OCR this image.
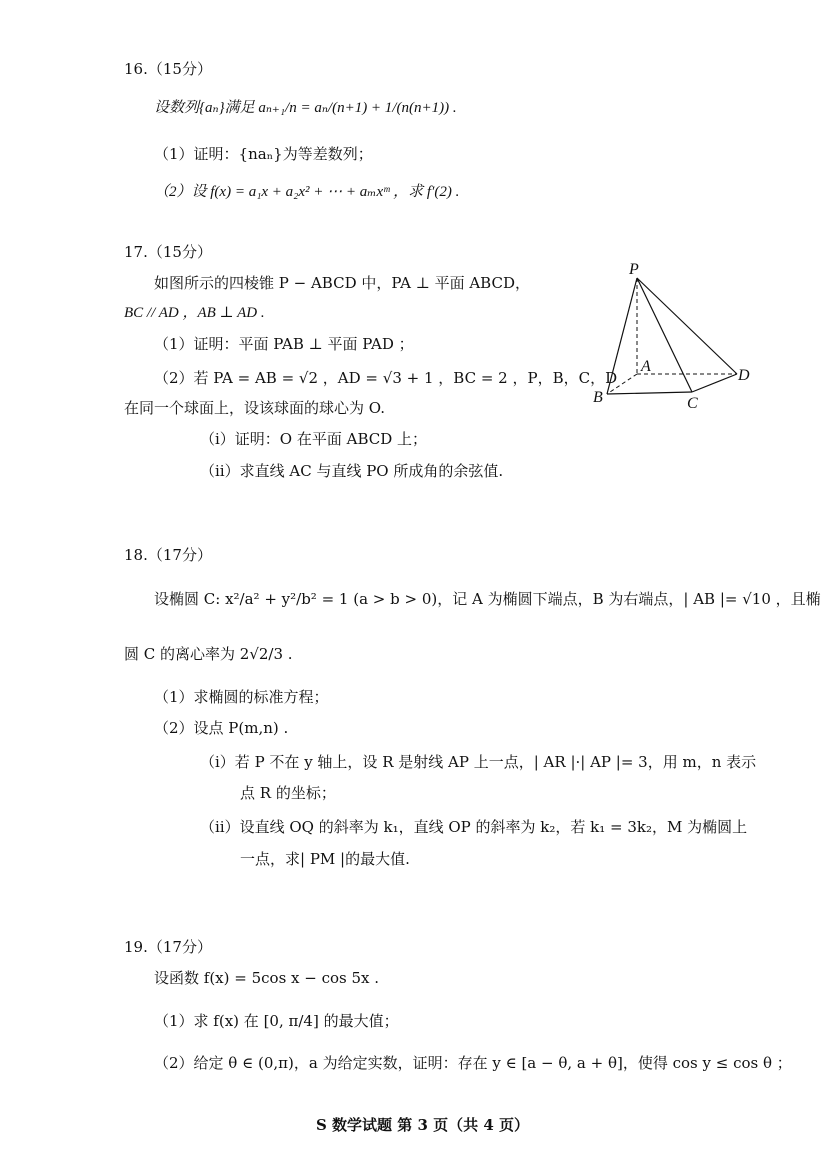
16.（15分）
设数列{aₙ}满足 aₙ₊₁/n = aₙ/(n+1) + 1/(n(n+1)) .
（1）证明：{naₙ}为等差数列；
（2）设 f(x) = a₁x + a₂x² + ⋯ + aₘxᵐ ，求 f′(2) .
17.（15分）
如图所示的四棱锥 P − ABCD 中，PA ⊥ 平面 ABCD，
BC // AD ，AB ⊥ AD .
（1）证明：平面 PAB ⊥ 平面 PAD ；
（2）若 PA = AB = √2 ，AD = √3 + 1 ，BC = 2 ，P，B，C，D
在同一个球面上，设该球面的球心为 O.
（ⅰ）证明：O 在平面 ABCD 上；
（ⅱ）求直线 AC 与直线 PO 所成角的余弦值.
P
A
B	C
D
18.（17分）
设椭圆 C: x²/a² + y²/b² = 1 (a > b > 0)，记 A 为椭圆下端点，B 为右端点，| AB |= √10 ，且椭
圆 C 的离心率为 2√2/3 .
（1）求椭圆的标准方程；
（2）设点 P(m,n) .
（ⅰ）若 P 不在 y 轴上，设 R 是射线 AP 上一点，| AR |·| AP |= 3，用 m，n 表示
点 R 的坐标；
（ⅱ）设直线 OQ 的斜率为 k₁，直线 OP 的斜率为 k₂，若 k₁ = 3k₂，M 为椭圆上
一点，求| PM |的最大值.
19.（17分）
设函数 f(x) = 5cos x − cos 5x .
（1）求 f(x) 在 [0, π/4] 的最大值；
（2）给定 θ ∈ (0,π)，a 为给定实数，证明：存在 y ∈ [a − θ, a + θ]，使得 cos y ≤ cos θ ；
S 数学试题 第 3 页（共 4 页）
